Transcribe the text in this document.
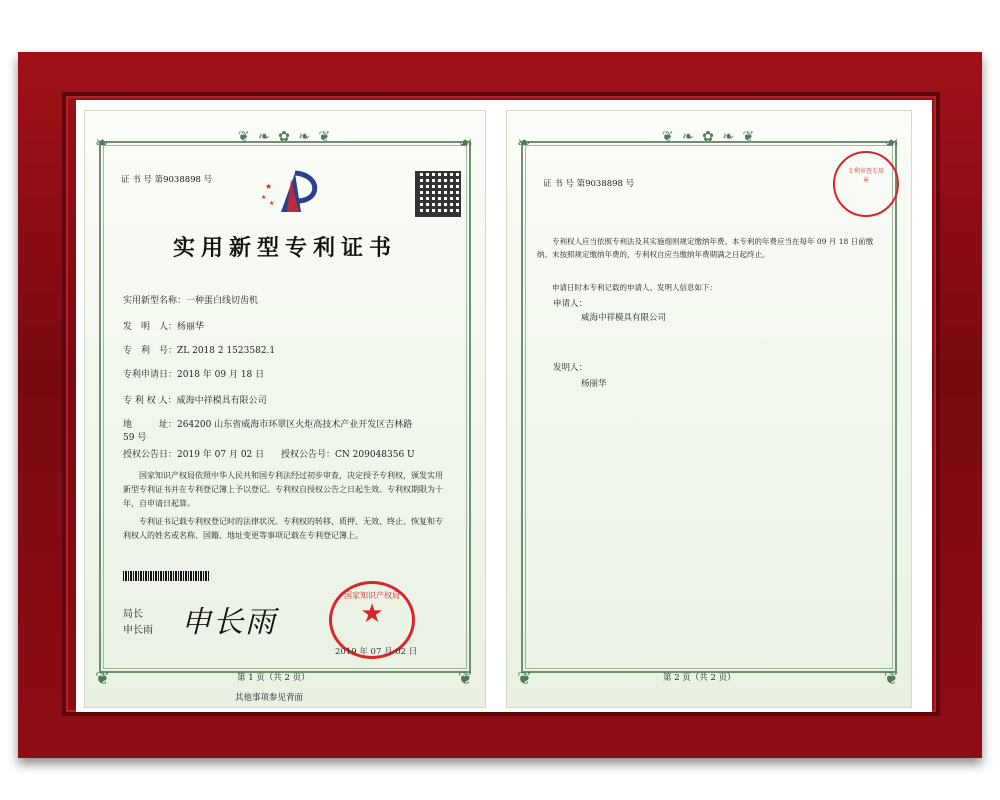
❦ ❧ ✿ ❧ ❦
❧	☙
❦	❦
证 书 号 第9038898 号
★
★
★
实用新型专利证书
实用新型名称：一种蛋白线切齿机
发　明　人：杨丽华
专　利　号：ZL 2018 2 1523582.1
专利申请日：2018 年 09 月 18 日
专 利 权 人：威海中祥模具有限公司
地　　　址：264200 山东省威海市环翠区火炬高技术产业开发区吉林路 59 号
授权公告日：2019 年 07 月 02 日 授权公告号：CN 209048356 U
国家知识产权局依照中华人民共和国专利法经过初步审查，决定授予专利权，颁发实用新型专利证书并在专利登记簿上予以登记。专利权自授权公告之日起生效。专利权期限为十年，自申请日起算。
专利证书记载专利权登记时的法律状况。专利权的转移、质押、无效、终止、恢复和专利权人的姓名或名称、国籍、地址变更等事项记载在专利登记簿上。
局长
申长雨 申长雨
国家知识产权局
★
2019 年 07 月 02 日
第 1 页（共 2 页）
其他事项参见背面
❦ ❧ ✿ ❧ ❦
❧	☙
❦	❦
证 书 号 第9038898 号
专利审查专用章
专利权人应当依照专利法及其实施细则规定缴纳年费。本专利的年费应当在每年 09 月 18 日前缴纳。未按照规定缴纳年费的，专利权自应当缴纳年费期满之日起终止。
申请日时本专利记载的申请人、发明人信息如下：
申请人：
威海中祥模具有限公司
发明人：
杨丽华
第 2 页（共 2 页）
